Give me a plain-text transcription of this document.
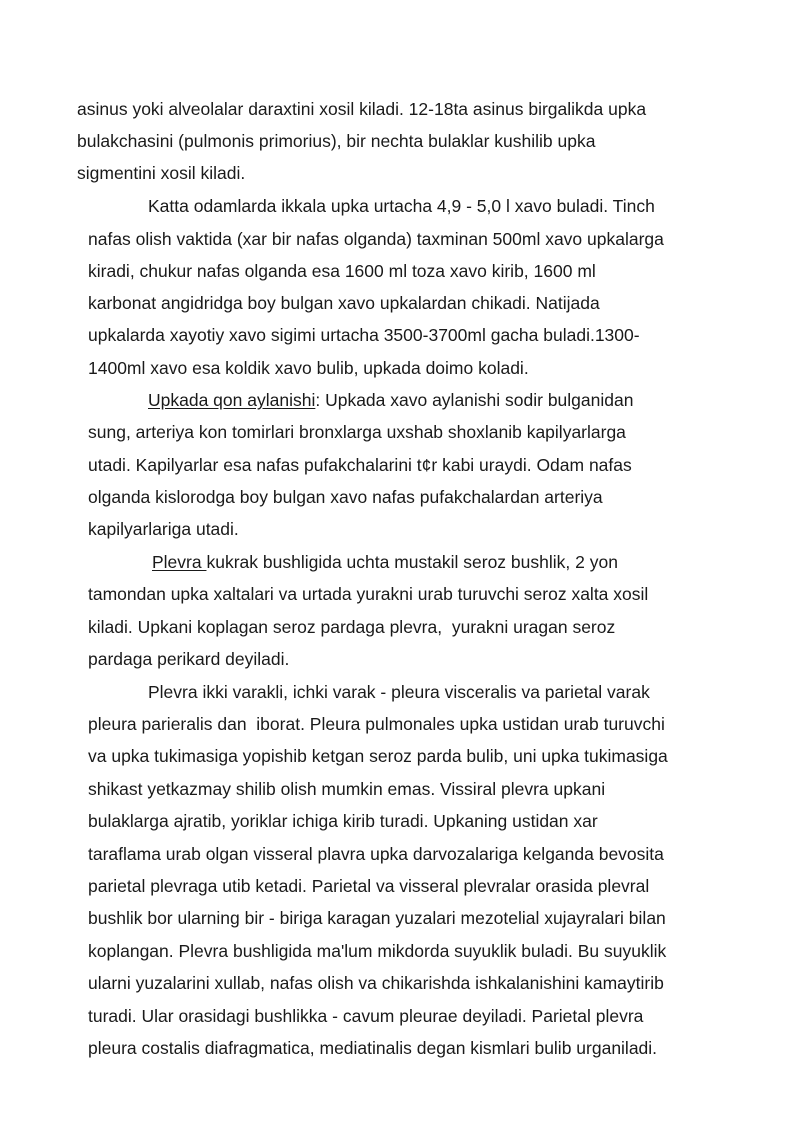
asinus yoki alveolalar daraxtini xosil kiladi. 12-18ta asinus birgalikda upka
bulakchasini (pulmonis primorius), bir nechta bulaklar kushilib upka
sigmentini xosil kiladi.
Katta odamlarda ikkala upka urtacha 4,9 - 5,0 l xavo buladi. Tinch
nafas olish vaktida (xar bir nafas olganda) taxminan 500ml xavo upkalarga
kiradi, chukur nafas olganda esa 1600 ml toza xavo kirib, 1600 ml
karbonat angidridga boy bulgan xavo upkalardan chikadi. Natijada
upkalarda xayotiy xavo sigimi urtacha 3500-3700ml gacha buladi.1300-
1400ml xavo esa koldik xavo bulib, upkada doimo koladi.
Upkada qon aylanishi: Upkada xavo aylanishi sodir bulganidan
sung, arteriya kon tomirlari bronxlarga uxshab shoxlanib kapilyarlarga
utadi. Kapilyarlar esa nafas pufakchalarini t¢r kabi uraydi. Odam nafas
olganda kislorodga boy bulgan xavo nafas pufakchalardan arteriya
kapilyarlariga utadi.
Plevra kukrak bushligida uchta mustakil seroz bushlik, 2 yon
tamondan upka xaltalari va urtada yurakni urab turuvchi seroz xalta xosil
kiladi. Upkani koplagan seroz pardaga plevra,  yurakni uragan seroz
pardaga perikard deyiladi.
Plevra ikki varakli, ichki varak - pleura visceralis va parietal varak
pleura parieralis dan  iborat. Pleura pulmonales upka ustidan urab turuvchi
va upka tukimasiga yopishib ketgan seroz parda bulib, uni upka tukimasiga
shikast yetkazmay shilib olish mumkin emas. Vissiral plevra upkani
bulaklarga ajratib, yoriklar ichiga kirib turadi. Upkaning ustidan xar
taraflama urab olgan visseral plavra upka darvozalariga kelganda bevosita
parietal plevraga utib ketadi. Parietal va visseral plevralar orasida plevral
bushlik bor ularning bir - biriga karagan yuzalari mezotelial xujayralari bilan
koplangan. Plevra bushligida ma'lum mikdorda suyuklik buladi. Bu suyuklik
ularni yuzalarini xullab, nafas olish va chikarishda ishkalanishini kamaytirib
turadi. Ular orasidagi bushlikka - cavum pleurae deyiladi. Parietal plevra
pleura costalis diafragmatica, mediatinalis degan kismlari bulib urganiladi.
